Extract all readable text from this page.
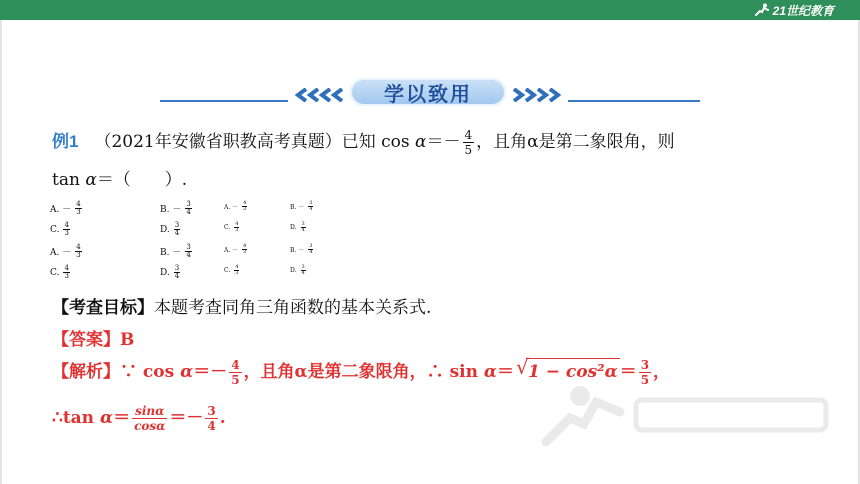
21世纪教育
学以致用
例1 （2021年安徽省职教高考真题）已知 $\cos \alpha=- \frac{4}{5}$ ，且角α是第二象限角，则
tan α＝（　　）.
A. － $\frac{4}{3}$	B. － $\frac{3}{4}$	A. － $\frac{4}{3}$	B. － $\frac{3}{4}$
C. $\frac{4}{3}$	D. $\frac{3}{4}$	C. $\frac{4}{3}$	D. $\frac{3}{4}$
A. － $\frac{4}{3}$	B. － $\frac{3}{4}$	A. － $\frac{4}{3}$	B. － $\frac{3}{4}$
C. $\frac{4}{3}$	D. $\frac{3}{4}$	C. $\frac{4}{3}$	D. $\frac{3}{4}$
【考查目标】本题考查同角三角函数的基本关系式.
【答案】B
【解析】∵ $\cos \alpha=- \frac{4}{5}$ ，且角α是第二象限角，∴ sin α＝ √ $1 - \cos^2\alpha = \frac{3}{5}$ ，
∴tan $\alpha= \frac{\sin\alpha}{\cos\alpha} =- \frac{3}{4}$ .
